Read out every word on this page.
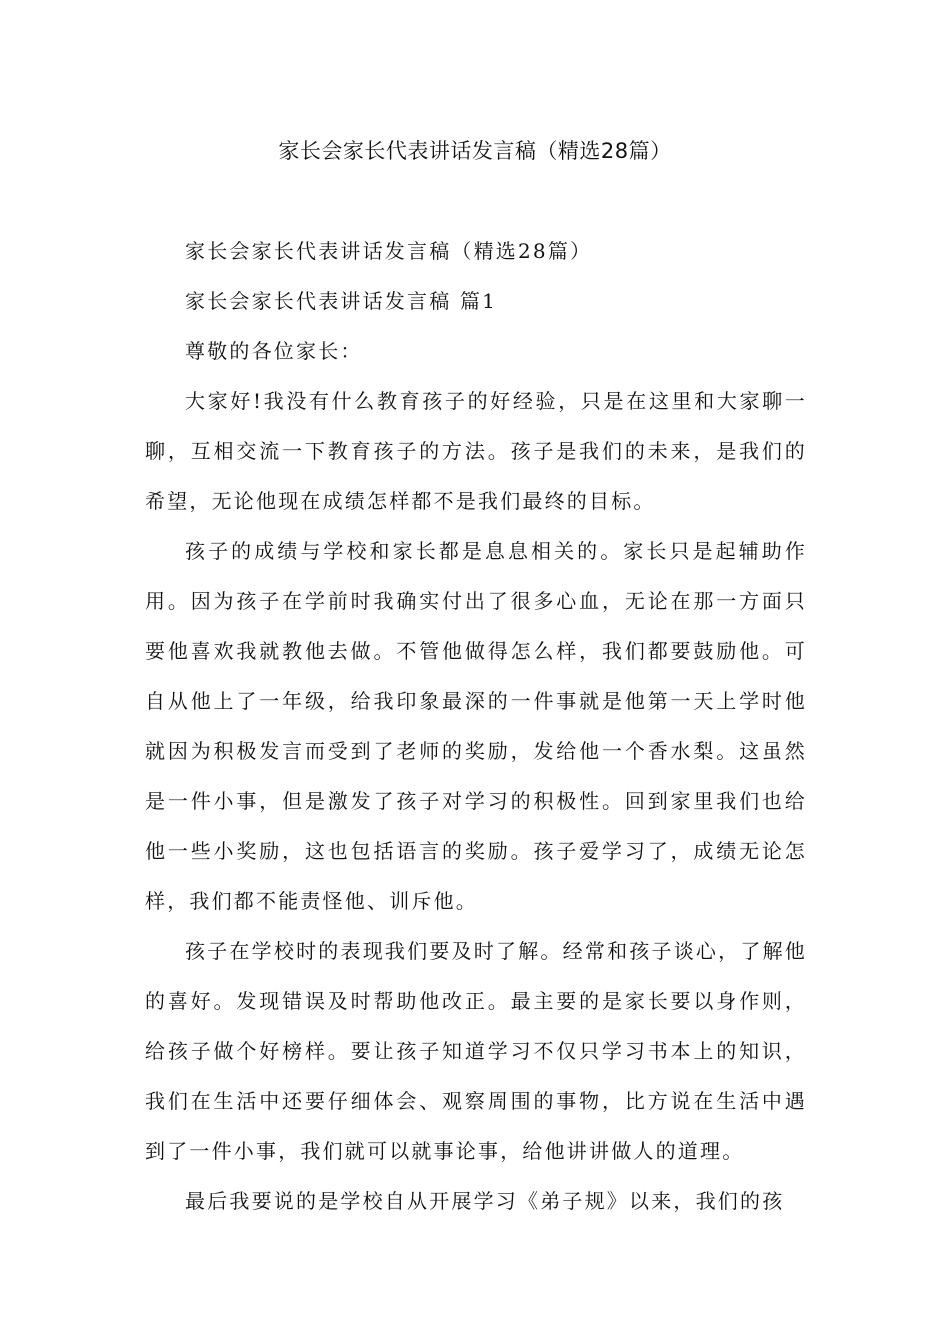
家长会家长代表讲话发言稿（精选28篇）

家长会家长代表讲话发言稿（精选28篇）

家长会家长代表讲话发言稿 篇1

尊敬的各位家长：

大家好!我没有什么教育孩子的好经验，只是在这里和大家聊一聊，互相交流一下教育孩子的方法。孩子是我们的未来，是我们的希望，无论他现在成绩怎样都不是我们最终的目标。

孩子的成绩与学校和家长都是息息相关的。家长只是起辅助作用。因为孩子在学前时我确实付出了很多心血，无论在那一方面只要他喜欢我就教他去做。不管他做得怎么样，我们都要鼓励他。可自从他上了一年级，给我印象最深的一件事就是他第一天上学时他就因为积极发言而受到了老师的奖励，发给他一个香水梨。这虽然是一件小事，但是激发了孩子对学习的积极性。回到家里我们也给他一些小奖励，这也包括语言的奖励。孩子爱学习了，成绩无论怎样，我们都不能责怪他、训斥他。

孩子在学校时的表现我们要及时了解。经常和孩子谈心，了解他的喜好。发现错误及时帮助他改正。最主要的是家长要以身作则，给孩子做个好榜样。要让孩子知道学习不仅只学习书本上的知识，我们在生活中还要仔细体会、观察周围的事物，比方说在生活中遇到了一件小事，我们就可以就事论事，给他讲讲做人的道理。

最后我要说的是学校自从开展学习《弟子规》以来，我们的孩
